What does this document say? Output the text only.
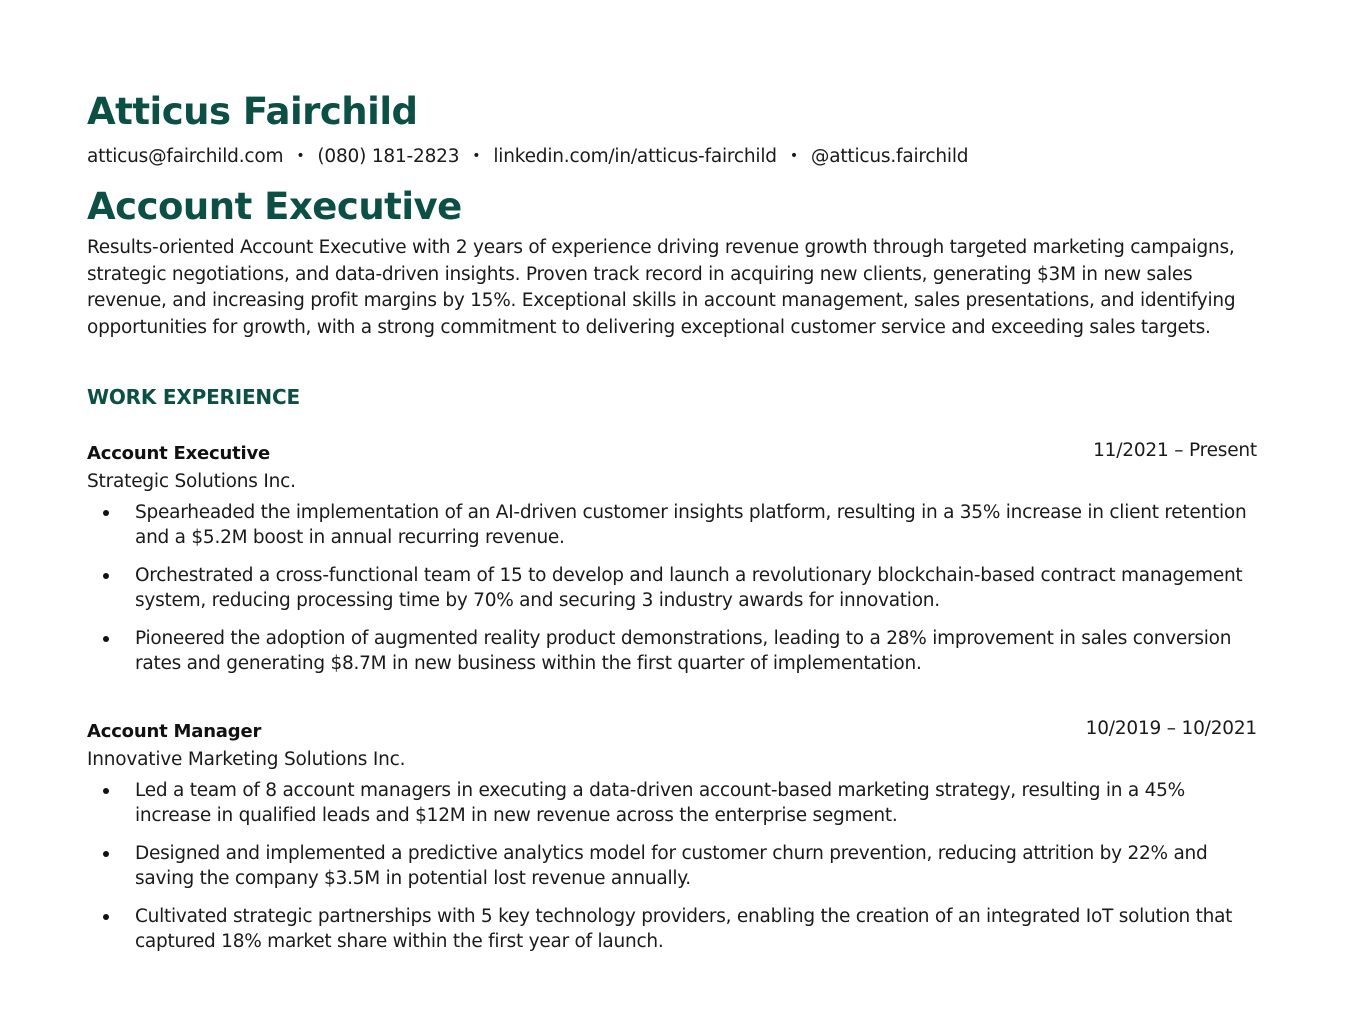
Atticus Fairchild
atticus@fairchild.com • (080) 181-2823 • linkedin.com/in/atticus-fairchild • @atticus.fairchild
Account Executive

Results-oriented Account Executive with 2 years of experience driving revenue growth through targeted marketing campaigns, strategic negotiations, and data-driven insights. Proven track record in acquiring new clients, generating $3M in new sales revenue, and increasing profit margins by 15%. Exceptional skills in account management, sales presentations, and identifying opportunities for growth, with a strong commitment to delivering exceptional customer service and exceeding sales targets.

WORK EXPERIENCE
Account Executive	11/2021 – Present
Strategic Solutions Inc.
Spearheaded the implementation of an AI-driven customer insights platform, resulting in a 35% increase in client retention and a $5.2M boost in annual recurring revenue.
Orchestrated a cross-functional team of 15 to develop and launch a revolutionary blockchain-based contract management system, reducing processing time by 70% and securing 3 industry awards for innovation.
Pioneered the adoption of augmented reality product demonstrations, leading to a 28% improvement in sales conversion rates and generating $8.7M in new business within the first quarter of implementation.
Account Manager	10/2019 – 10/2021
Innovative Marketing Solutions Inc.
Led a team of 8 account managers in executing a data-driven account-based marketing strategy, resulting in a 45% increase in qualified leads and $12M in new revenue across the enterprise segment.
Designed and implemented a predictive analytics model for customer churn prevention, reducing attrition by 22% and saving the company $3.5M in potential lost revenue annually.
Cultivated strategic partnerships with 5 key technology providers, enabling the creation of an integrated IoT solution that captured 18% market share within the first year of launch.
